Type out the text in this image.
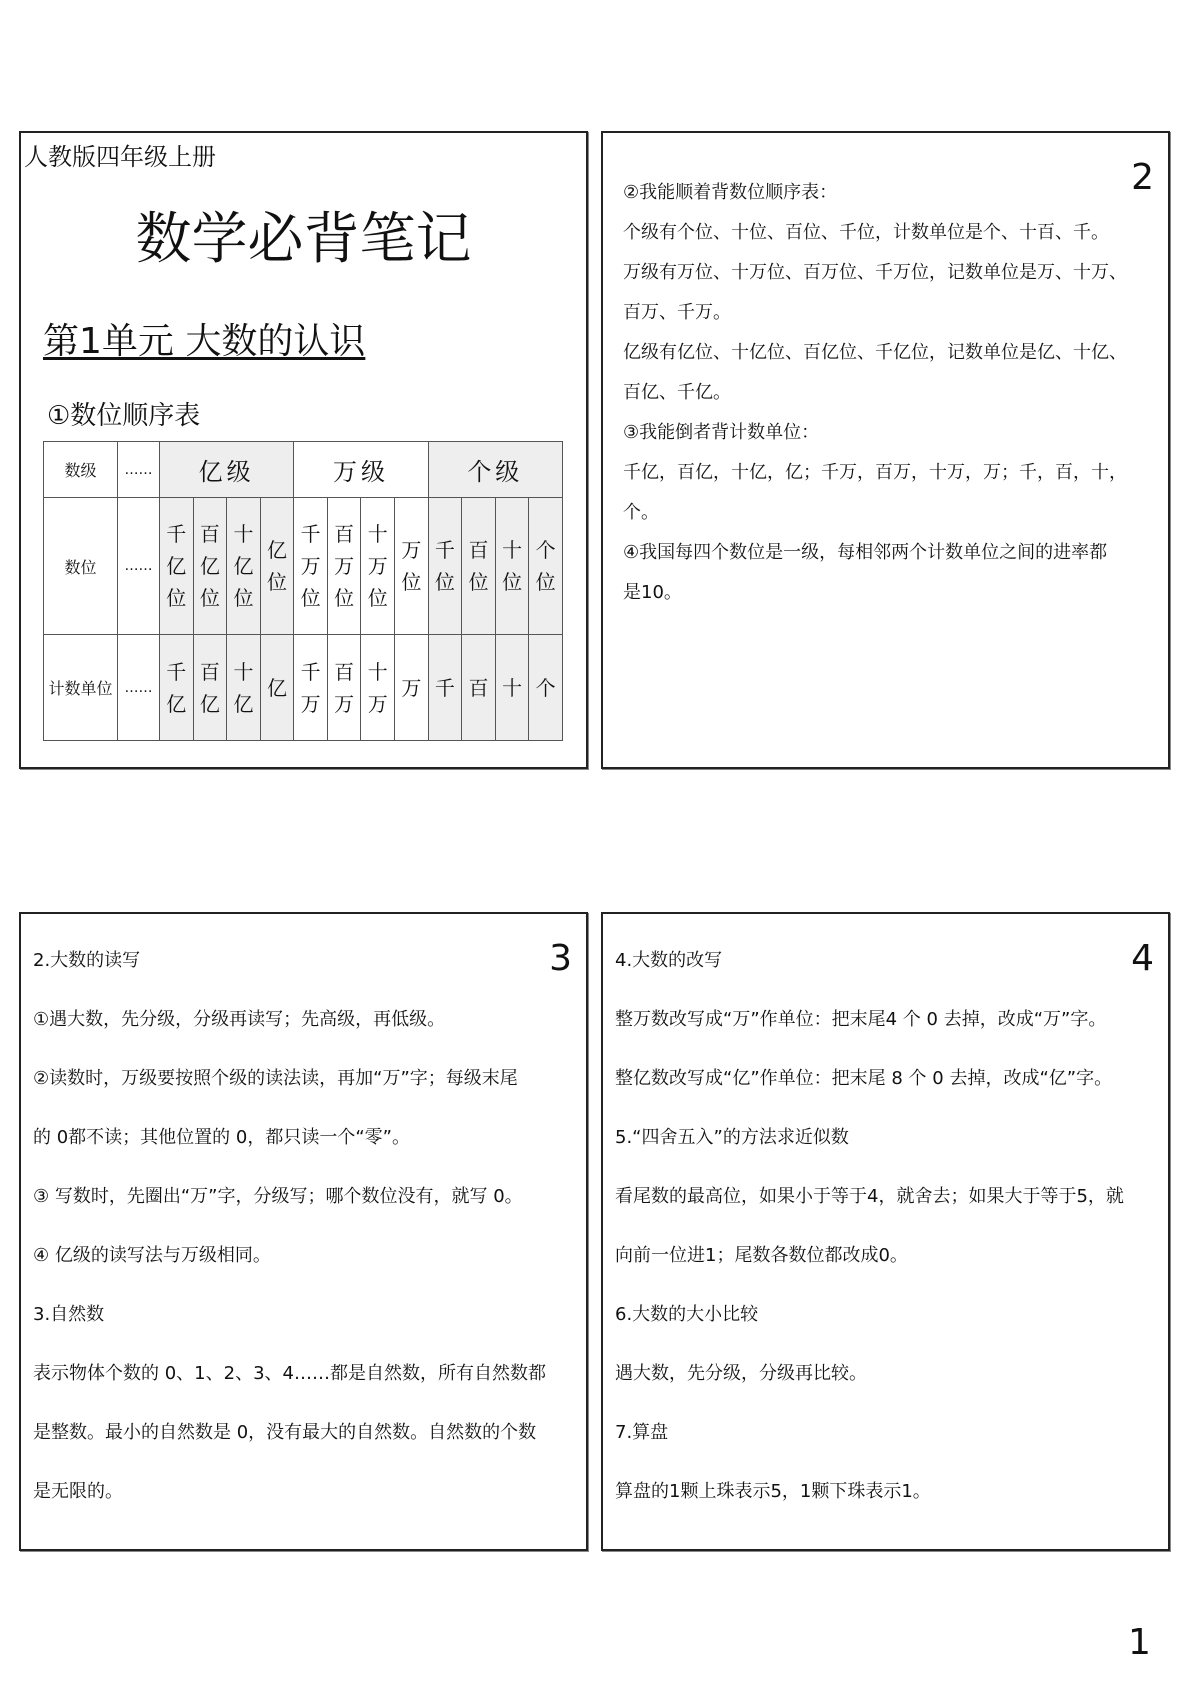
人教版四年级上册
数学必背笔记
第1单元 大数的认识
①数位顺序表
数级	……	亿级				万级				个级			
数位	……	千亿位	百亿位	十亿位	亿位	千万位	百万位	十万位	万位	千位	百位	十位	个位

计数单位	……	千亿	百亿	十亿	亿	千万	百万	十万	万	千	百	十	个
2
②我能顺着背数位顺序表：
个级有个位、十位、百位、千位，计数单位是个、十百、千。
万级有万位、十万位、百万位、千万位，记数单位是万、十万、
百万、千万。
亿级有亿位、十亿位、百亿位、千亿位，记数单位是亿、十亿、
百亿、千亿。
③我能倒者背计数单位：
千亿，百亿，十亿，亿；千万，百万，十万，万；千，百，十，
个。
④我国每四个数位是一级，每相邻两个计数单位之间的进率都
是10。
3
2.大数的读写
①遇大数，先分级，分级再读写；先高级，再低级。
②读数时，万级要按照个级的读法读，再加“万”字；每级末尾
的 0都不读；其他位置的 0，都只读一个“零”。
③ 写数时，先圈出“万”字，分级写；哪个数位没有，就写 0。
④ 亿级的读写法与万级相同。
3.自然数
表示物体个数的 0、1、2、3、4……都是自然数，所有自然数都
是整数。最小的自然数是 0，没有最大的自然数。自然数的个数
是无限的。
4
4.大数的改写
整万数改写成“万”作单位：把末尾4 个 0 去掉，改成“万”字。
整亿数改写成“亿”作单位：把末尾 8 个 0 去掉，改成“亿”字。
5.“四舍五入”的方法求近似数
看尾数的最高位，如果小于等于4，就舍去；如果大于等于5，就
向前一位进1；尾数各数位都改成0。
6.大数的大小比较
遇大数，先分级，分级再比较。
7.算盘
算盘的1颗上珠表示5，1颗下珠表示1。
1
